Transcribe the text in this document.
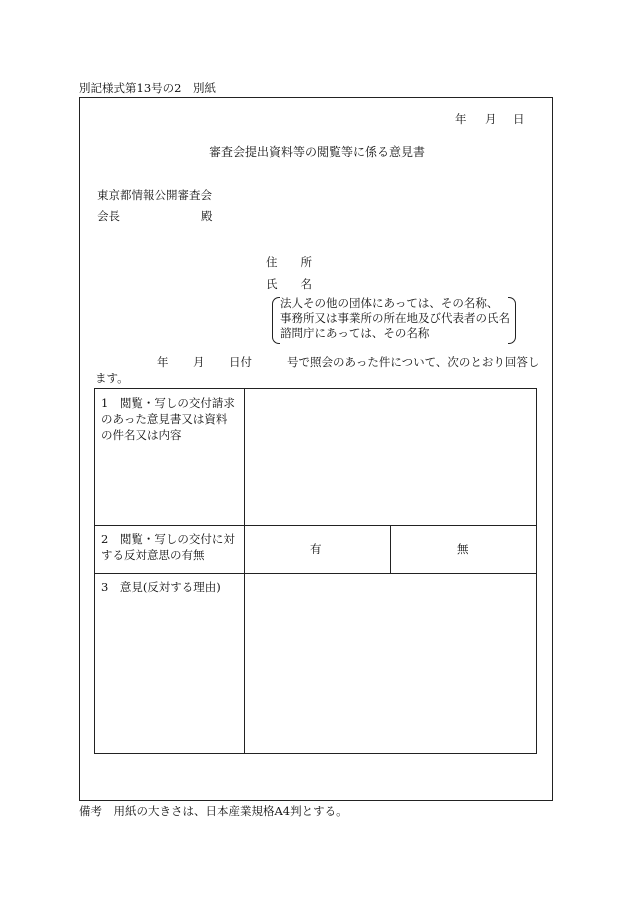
別記様式第13号の2　別紙
年 月 日
審査会提出資料等の閲覧等に係る意見書
東京都情報公開審査会
会長	殿
住　　所
氏　　名
法人その他の団体にあっては、その名称、
事務所又は事業所の所在地及び代表者の氏名
諮問庁にあっては、その名称
年 月 日付	号で照会のあった件について、次のとおり回答し
ます。
1　閲覧・写しの交付請求
のあった意見書又は資料
の件名又は内容
2　閲覧・写しの交付に対
する反対意思の有無	有	無
3　意見(反対する理由)
備考　用紙の大きさは、日本産業規格A4判とする。
